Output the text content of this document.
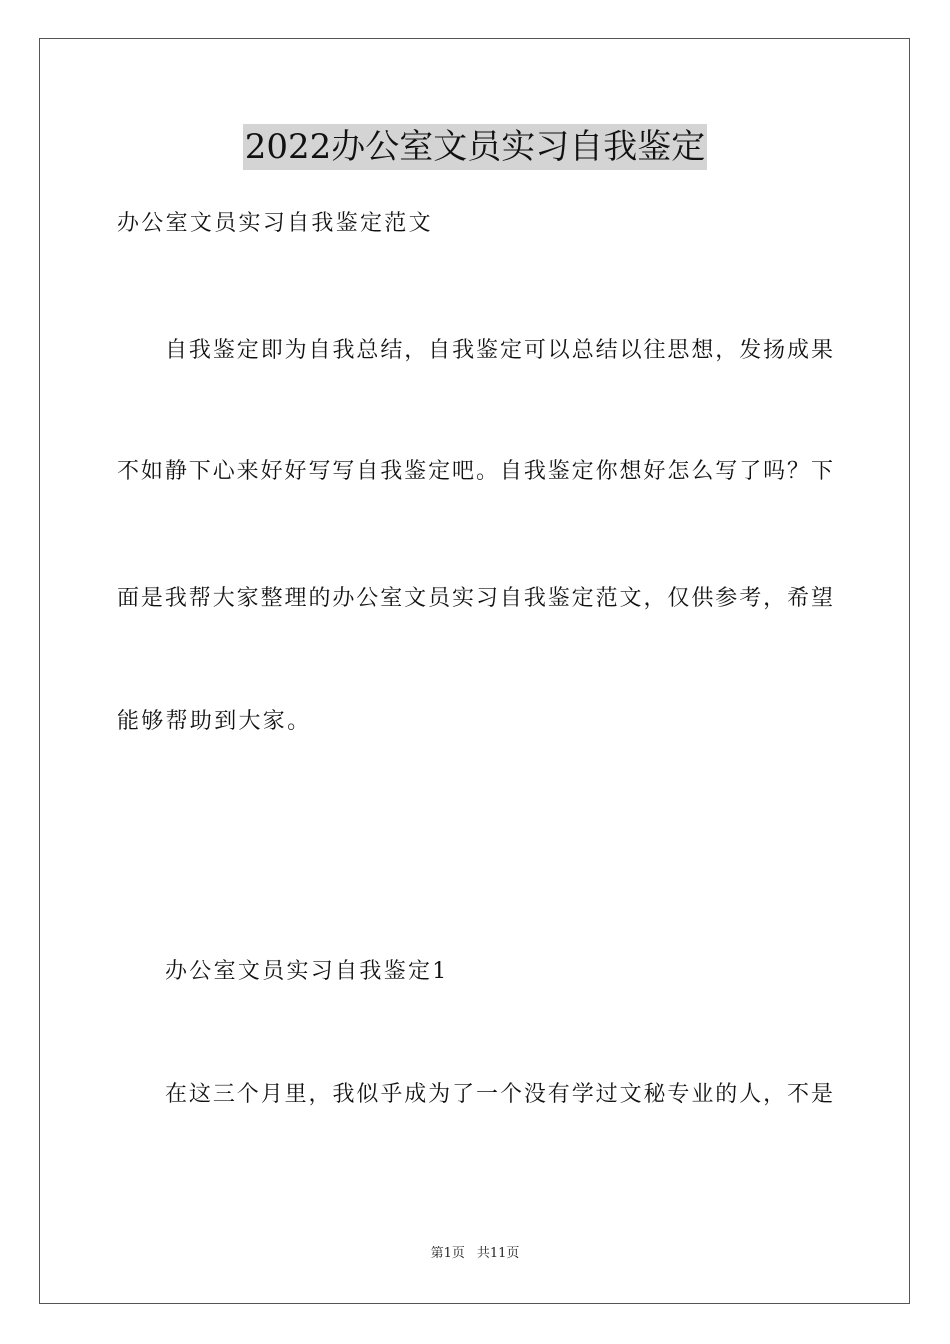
2022办公室文员实习自我鉴定
办公室文员实习自我鉴定范文
自我鉴定即为自我总结，自我鉴定可以总结以往思想，发扬成果
不如静下心来好好写写自我鉴定吧。自我鉴定你想好怎么写了吗？下
面是我帮大家整理的办公室文员实习自我鉴定范文，仅供参考，希望
能够帮助到大家。
办公室文员实习自我鉴定1
在这三个月里，我似乎成为了一个没有学过文秘专业的人，不是
第1页 共11页
